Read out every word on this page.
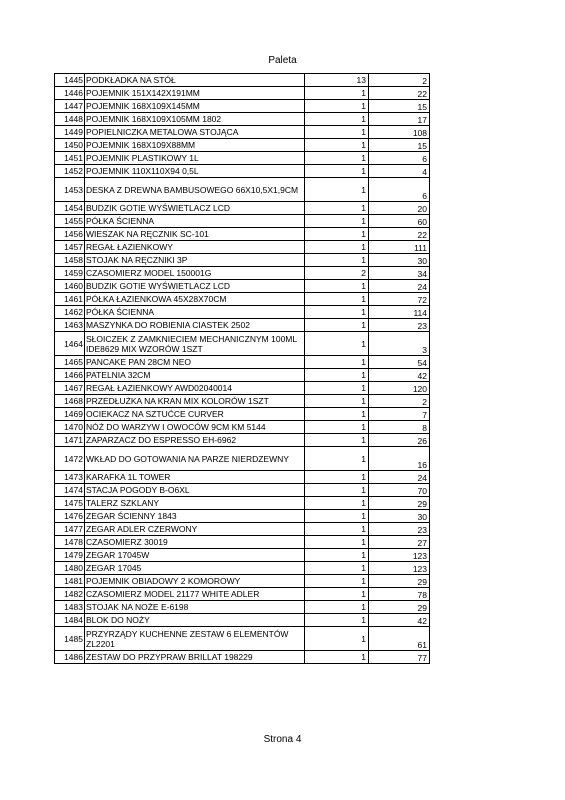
Paleta
1445	PODKŁADKA NA STÓŁ	13	2
1446	POJEMNIK 151X142X191MM	1	22
1447	POJEMNIK 168X109X145MM	1	15
1448	POJEMNIK 168X109X105MM 1802	1	17
1449	POPIELNICZKA METALOWA STOJĄCA	1	108
1450	POJEMNIK 168X109X88MM	1	15
1451	POJEMNIK PLASTIKOWY 1L	1	6
1452	POJEMNIK 110X110X94 0,5L	1	4
1453	DESKA Z DREWNA BAMBUSOWEGO 66X10,5X1,9CM	1	6
1454	BUDZIK GOTIE WYŚWIETLACZ LCD	1	20
1455	PÓŁKA ŚCIENNA	1	60
1456	WIESZAK NA RĘCZNIK SC-101	1	22
1457	REGAŁ ŁAZIENKOWY	1	111
1458	STOJAK NA RĘCZNIKI 3P	1	30
1459	CZASOMIERZ MODEL 150001G	2	34
1460	BUDZIK GOTIE WYŚWIETLACZ LCD	1	24
1461	PÓŁKA ŁAZIENKOWA 45X28X70CM	1	72
1462	PÓŁKA ŚCIENNA	1	114
1463	MASZYNKA DO ROBIENIA CIASTEK 2502	1	23
1464	SŁOICZEK Z ZAMKNIECIEM MECHANICZNYM 100ML IDE8629 MIX WZORÓW 1SZT	1	3
1465	PANCAKE PAN 28CM NEO	1	54
1466	PATELNIA 32CM	1	42
1467	REGAŁ ŁAZIENKOWY AWD02040014	1	120
1468	PRZEDŁUŻKA NA KRAN MIX KOLORÓW 1SZT	1	2
1469	OCIEKACZ NA SZTUĆCE CURVER	1	7
1470	NÓŻ DO WARZYW I OWOCÓW 9CM KM 5144	1	8
1471	ZAPARZACZ DO ESPRESSO EH-6962	1	26
1472	WKŁAD DO GOTOWANIA NA PARZE NIERDZEWNY	1	16
1473	KARAFKA 1L TOWER	1	24
1474	STACJA POGODY B-O6XL	1	70
1475	TALERZ SZKLANY	1	29
1476	ZEGAR ŚCIENNY 1843	1	30
1477	ZEGAR ADLER CZERWONY	1	23
1478	CZASOMIERZ 30019	1	27
1479	ZEGAR 17045W	1	123
1480	ZEGAR 17045	1	123
1481	POJEMNIK OBIADOWY 2 KOMOROWY	1	29
1482	CZASOMIERZ MODEL 21177 WHITE ADLER	1	78
1483	STOJAK NA NOŻE E-6198	1	29
1484	BLOK DO NOŻY	1	42
1485	PRZYRZĄDY KUCHENNE ZESTAW 6 ELEMENTÓW ZL2201	1	61
1486	ZESTAW DO PRZYPRAW BRILLAT 198229	1	77
Strona 4
